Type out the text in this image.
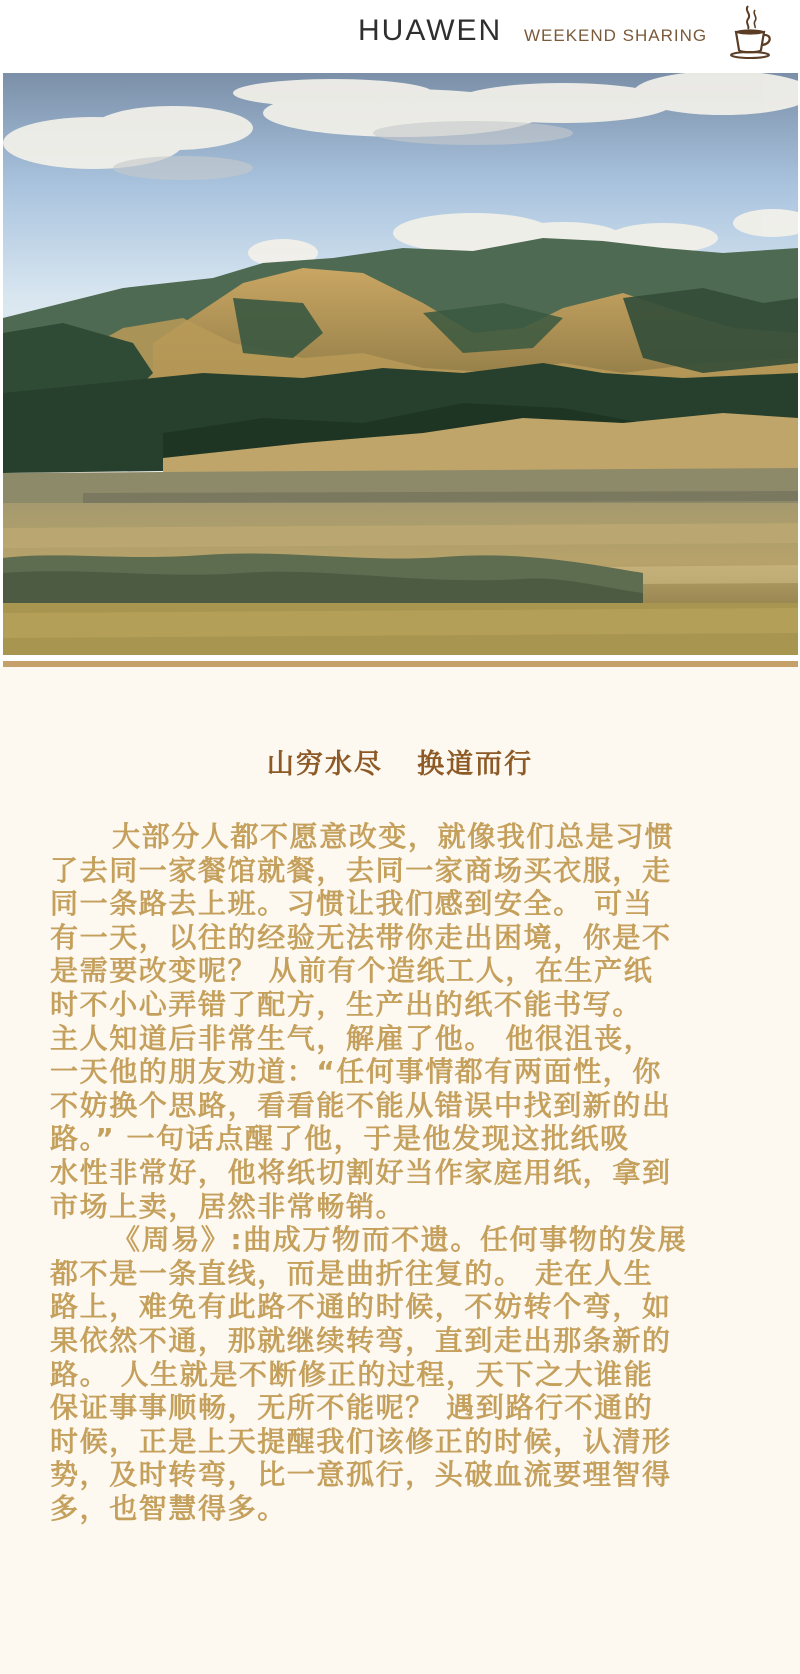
HUAWEN WEEKEND SHARING
山穷水尽   换道而行
大部分人都不愿意改变，就像我们总是习惯
了去同一家餐馆就餐，去同一家商场买衣服，走
同一条路去上班。习惯让我们感到安全。 可当
有一天，以往的经验无法带你走出困境，你是不
是需要改变呢？ 从前有个造纸工人，在生产纸
时不小心弄错了配方，生产出的纸不能书写。
主人知道后非常生气，解雇了他。 他很沮丧，
一天他的朋友劝道：“任何事情都有两面性，你
不妨换个思路，看看能不能从错误中找到新的出
路。” 一句话点醒了他，于是他发现这批纸吸
水性非常好，他将纸切割好当作家庭用纸，拿到
市场上卖，居然非常畅销。
《周易》:曲成万物而不遗。任何事物的发展
都不是一条直线，而是曲折往复的。 走在人生
路上，难免有此路不通的时候，不妨转个弯，如
果依然不通，那就继续转弯，直到走出那条新的
路。 人生就是不断修正的过程，天下之大谁能
保证事事顺畅，无所不能呢？ 遇到路行不通的
时候，正是上天提醒我们该修正的时候，认清形
势，及时转弯，比一意孤行，头破血流要理智得
多，也智慧得多。
